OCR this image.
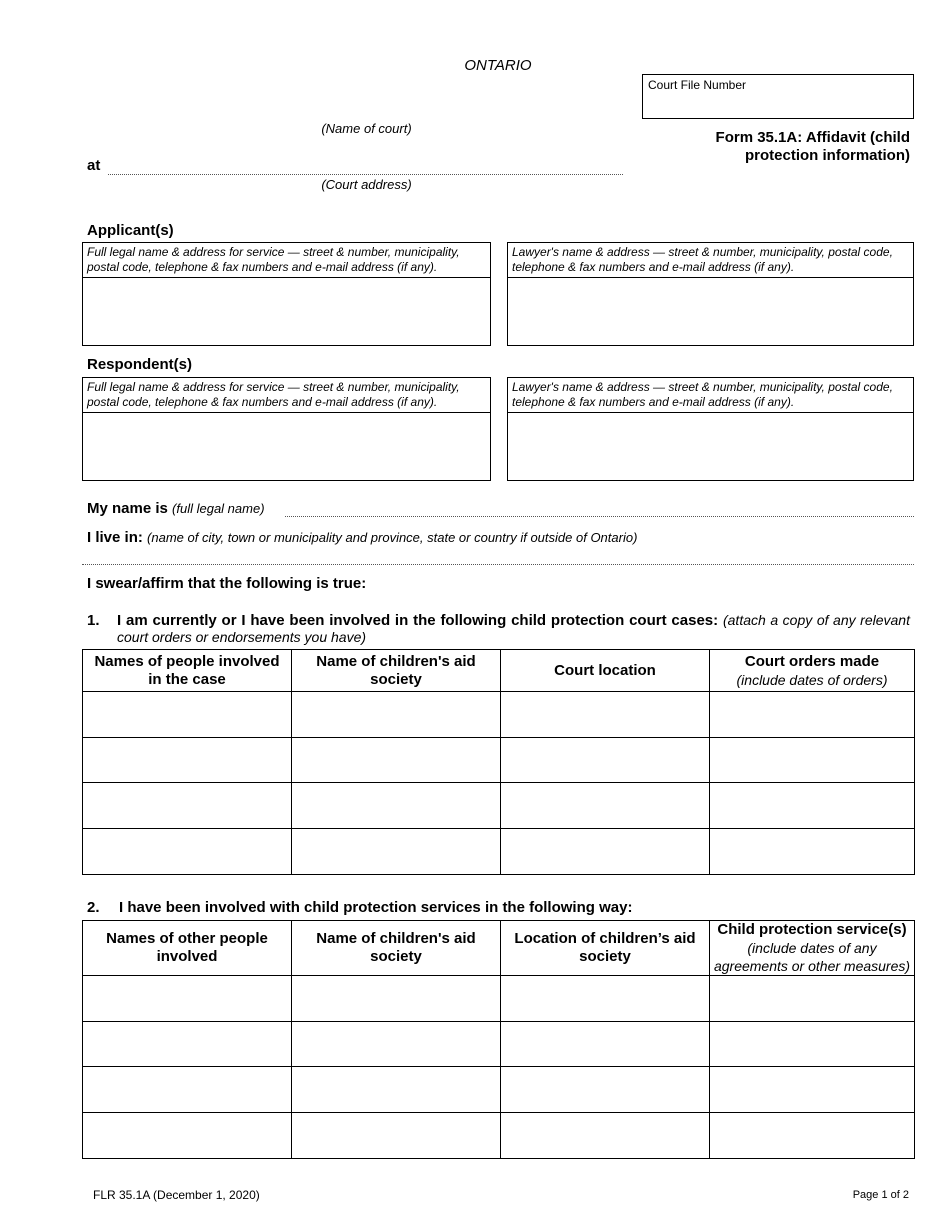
ONTARIO
Court File Number
(Name of court)
Form 35.1A: Affidavit (child protection information)
at
(Court address)
Applicant(s)
Full legal name & address for service — street & number, municipality, postal code, telephone & fax numbers and e-mail address (if any).
Lawyer's name & address — street & number, municipality, postal code, telephone & fax numbers and e-mail address (if any).
Respondent(s)
Full legal name & address for service — street & number, municipality, postal code, telephone & fax numbers and e-mail address (if any).
Lawyer's name & address — street & number, municipality, postal code, telephone & fax numbers and e-mail address (if any).
My name is (full legal name)
I live in: (name of city, town or municipality and province, state or country if outside of Ontario)
I swear/affirm that the following is true:
1. I am currently or I have been involved in the following child protection court cases: (attach a copy of any relevant court orders or endorsements you have)
Names of people involved in the case	Name of children's aid society	Court location	Court orders made
(include dates of orders)

2. I have been involved with child protection services in the following way:
Names of other people involved	Name of children's aid society	Location of children’s aid society	Child protection service(s)
(include dates of any agreements or other measures)

FLR 35.1A (December 1, 2020)	Page 1 of 2
